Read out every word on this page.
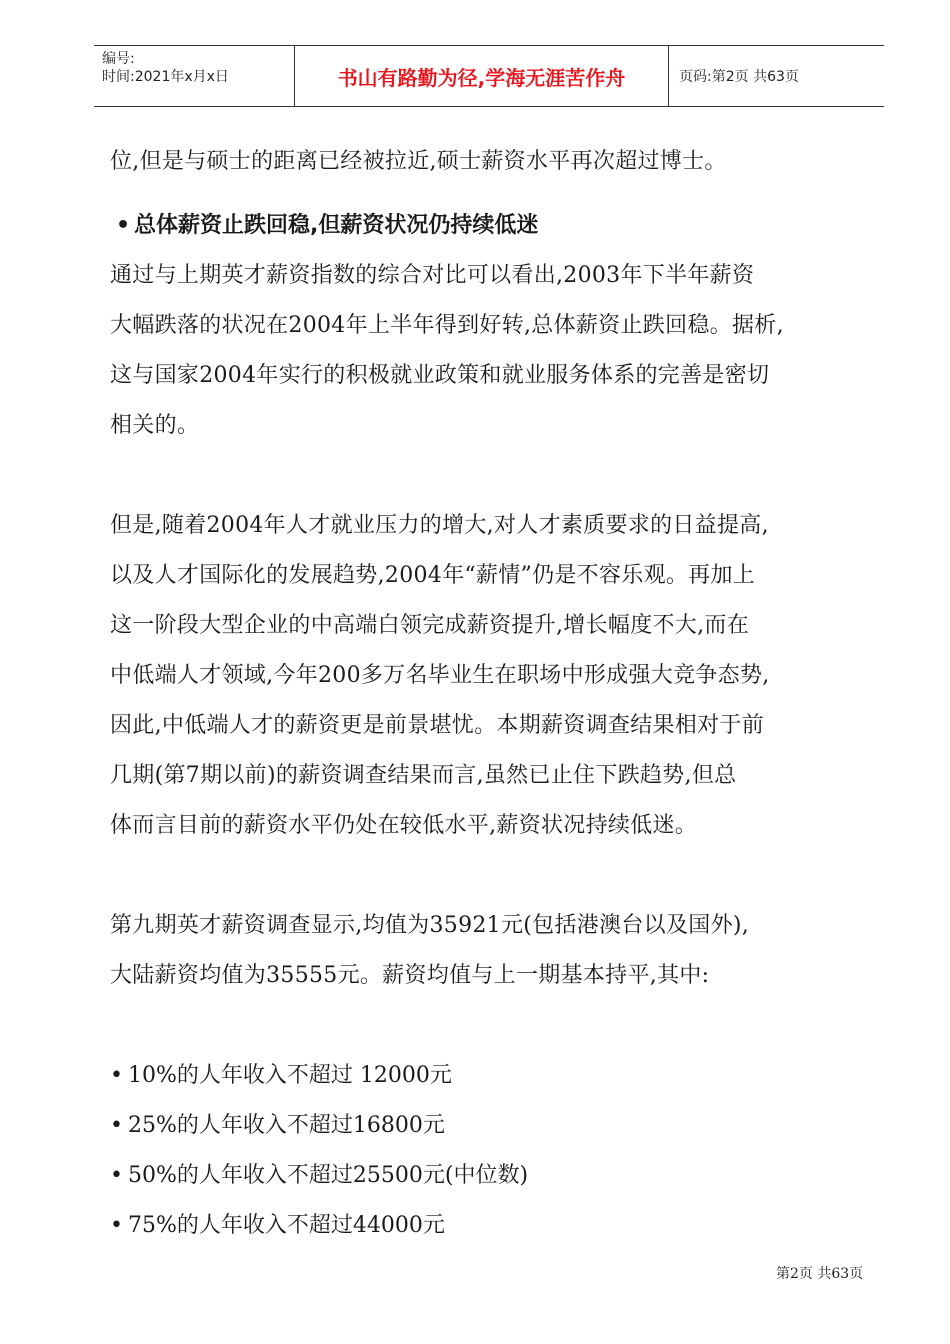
编号:
时间:2021年x月x日	书山有路勤为径,学海无涯苦作舟	页码:第2页 共63页

位,但是与硕士的距离已经被拉近,硕士薪资水平再次超过博士。

• 总体薪资止跌回稳,但薪资状况仍持续低迷

通过与上期英才薪资指数的综合对比可以看出,2003年下半年薪资

大幅跌落的状况在2004年上半年得到好转,总体薪资止跌回稳。据析,

这与国家2004年实行的积极就业政策和就业服务体系的完善是密切

相关的。

但是,随着2004年人才就业压力的增大,对人才素质要求的日益提高,

以及人才国际化的发展趋势,2004年“薪情”仍是不容乐观。再加上

这一阶段大型企业的中高端白领完成薪资提升,增长幅度不大,而在

中低端人才领域,今年200多万名毕业生在职场中形成强大竞争态势,

因此,中低端人才的薪资更是前景堪忧。本期薪资调查结果相对于前

几期(第7期以前)的薪资调查结果而言,虽然已止住下跌趋势,但总

体而言目前的薪资水平仍处在较低水平,薪资状况持续低迷。

第九期英才薪资调查显示,均值为35921元(包括港澳台以及国外),

大陆薪资均值为35555元。薪资均值与上一期基本持平,其中:

• 10%的人年收入不超过 12000元
• 25%的人年收入不超过16800元
• 50%的人年收入不超过25500元(中位数)
• 75%的人年收入不超过44000元
第2页 共63页
